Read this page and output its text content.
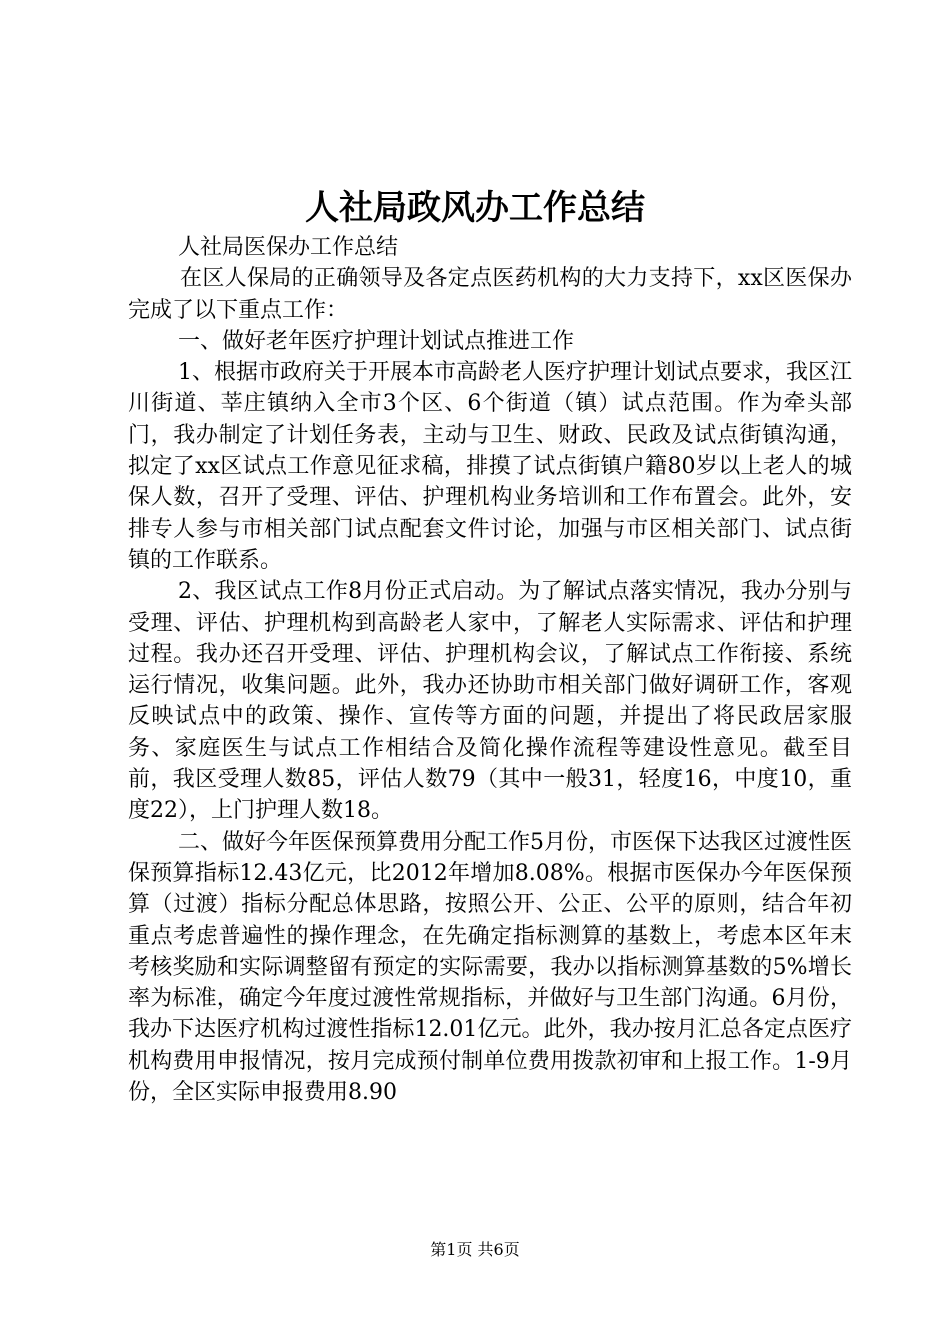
人社局政风办工作总结

人社局医保办工作总结

在区人保局的正确领导及各定点医药机构的大力支持下，xx区医保办完成了以下重点工作：

一、做好老年医疗护理计划试点推进工作

1、根据市政府关于开展本市高龄老人医疗护理计划试点要求，我区江川街道、莘庄镇纳入全市3个区、6个街道（镇）试点范围。作为牵头部门，我办制定了计划任务表，主动与卫生、财政、民政及试点街镇沟通，拟定了xx区试点工作意见征求稿，排摸了试点街镇户籍80岁以上老人的城保人数，召开了受理、评估、护理机构业务培训和工作布置会。此外，安排专人参与市相关部门试点配套文件讨论，加强与市区相关部门、试点街镇的工作联系。

2、我区试点工作8月份正式启动。为了解试点落实情况，我办分别与受理、评估、护理机构到高龄老人家中，了解老人实际需求、评估和护理过程。我办还召开受理、评估、护理机构会议，了解试点工作衔接、系统运行情况，收集问题。此外，我办还协助市相关部门做好调研工作，客观反映试点中的政策、操作、宣传等方面的问题，并提出了将民政居家服务、家庭医生与试点工作相结合及简化操作流程等建设性意见。截至目前，我区受理人数85，评估人数79（其中一般31，轻度16，中度10，重度22），上门护理人数18。

二、做好今年医保预算费用分配工作5月份，市医保下达我区过渡性医保预算指标12.43亿元，比2012年增加8.08%。根据市医保办今年医保预算（过渡）指标分配总体思路，按照公开、公正、公平的原则，结合年初重点考虑普遍性的操作理念，在先确定指标测算的基数上，考虑本区年末考核奖励和实际调整留有预定的实际需要，我办以指标测算基数的5%增长率为标准，确定今年度过渡性常规指标，并做好与卫生部门沟通。6月份，我办下达医疗机构过渡性指标12.01亿元。此外，我办按月汇总各定点医疗机构费用申报情况，按月完成预付制单位费用拨款初审和上报工作。1-9月份，全区实际申报费用8.90

第1页 共6页
